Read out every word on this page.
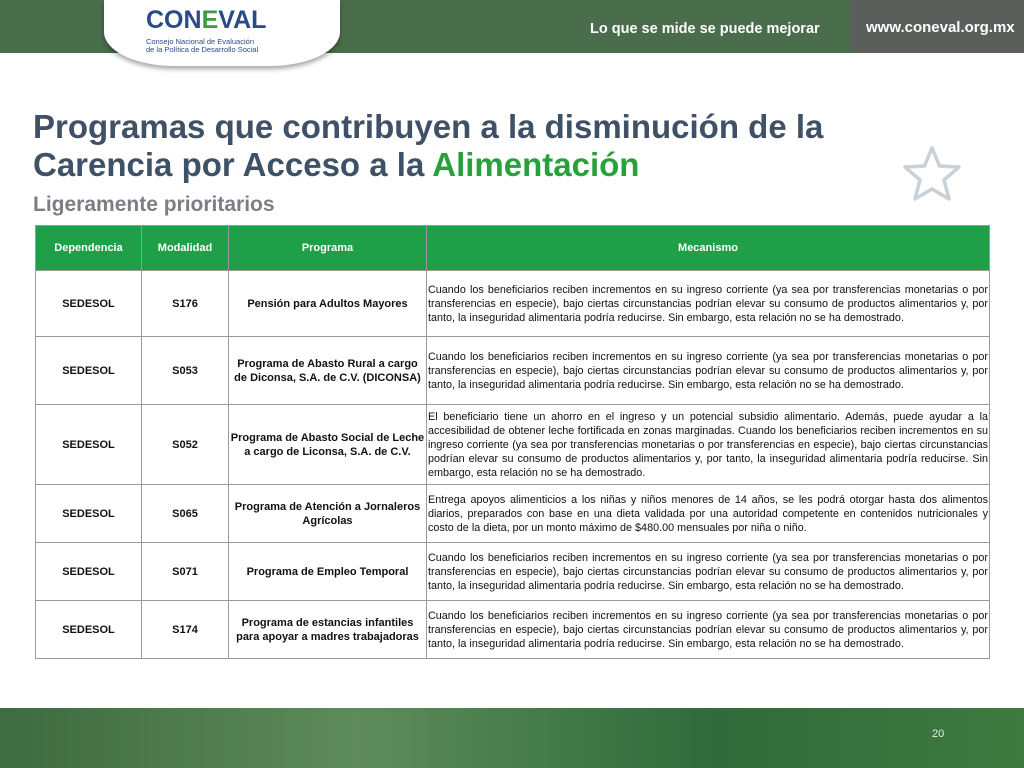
Lo que se mide se puede mejorar	www.coneval.org.mx
CONEVAL
Consejo Nacional de Evaluación
de la Política de Desarrollo Social
Programas que contribuyen a la disminución de la
Carencia por Acceso a la Alimentación
Ligeramente prioritarios
Dependencia	Modalidad	Programa	Mecanismo
SEDESOL	S176	Pensión para Adultos Mayores	Cuando los beneficiarios reciben incrementos en su ingreso corriente (ya sea por transferencias monetarias o por transferencias en especie), bajo ciertas circunstancias podrían elevar su consumo de productos alimentarios y, por tanto, la inseguridad alimentaria podría reducirse. Sin embargo, esta relación no se ha demostrado.
SEDESOL	S053	Programa de Abasto Rural a cargo de Diconsa, S.A. de C.V. (DICONSA)	Cuando los beneficiarios reciben incrementos en su ingreso corriente (ya sea por transferencias monetarias o por transferencias en especie), bajo ciertas circunstancias podrían elevar su consumo de productos alimentarios y, por tanto, la inseguridad alimentaria podría reducirse. Sin embargo, esta relación no se ha demostrado.
SEDESOL	S052	Programa de Abasto Social de Leche a cargo de Liconsa, S.A. de C.V.	El beneficiario tiene un ahorro en el ingreso y un potencial subsidio alimentario. Además, puede ayudar a la accesibilidad de obtener leche fortificada en zonas marginadas. Cuando los beneficiarios reciben incrementos en su ingreso corriente (ya sea por transferencias monetarias o por transferencias en especie), bajo ciertas circunstancias podrían elevar su consumo de productos alimentarios y, por tanto, la inseguridad alimentaria podría reducirse. Sin embargo, esta relación no se ha demostrado.
SEDESOL	S065	Programa de Atención a Jornaleros Agrícolas	Entrega apoyos alimenticios a los niñas y niños menores de 14 años, se les podrá otorgar hasta dos alimentos diarios, preparados con base en una dieta validada por una autoridad competente en contenidos nutricionales y costo de la dieta, por un monto máximo de $480.00 mensuales por niña o niño.
SEDESOL	S071	Programa de Empleo Temporal	Cuando los beneficiarios reciben incrementos en su ingreso corriente (ya sea por transferencias monetarias o por transferencias en especie), bajo ciertas circunstancias podrían elevar su consumo de productos alimentarios y, por tanto, la inseguridad alimentaria podría reducirse. Sin embargo, esta relación no se ha demostrado.
SEDESOL	S174	Programa de estancias infantiles para apoyar a madres trabajadoras	Cuando los beneficiarios reciben incrementos en su ingreso corriente (ya sea por transferencias monetarias o por transferencias en especie), bajo ciertas circunstancias podrían elevar su consumo de productos alimentarios y, por tanto, la inseguridad alimentaria podría reducirse. Sin embargo, esta relación no se ha demostrado.
20
